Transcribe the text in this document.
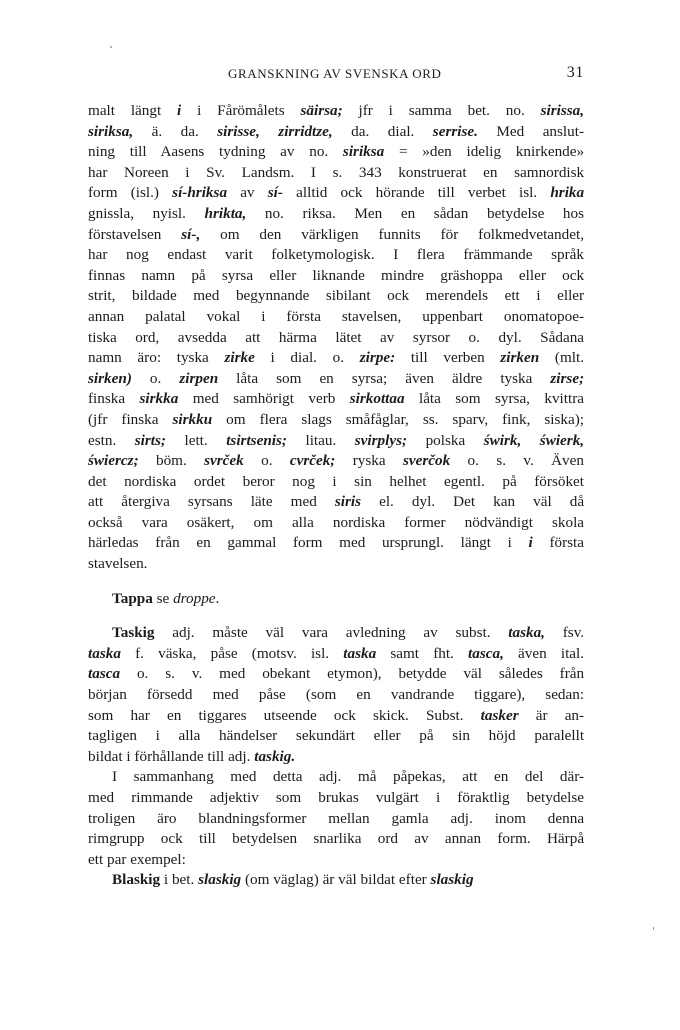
GRANSKNING AV SVENSKA ORD	31
malt längt i i Fårömålets säirsa; jfr i samma bet. no. sirissa,
siriksa, ä. da. sirisse, zirridtze, da. dial. serrise. Med anslut-
ning till Aasens tydning av no. siriksa = »den idelig knirkende»
har Noreen i Sv. Landsm. I s. 343 konstruerat en samnordisk
form (isl.) sí-hriksa av sí- alltid ock hörande till verbet isl. hrika
gnissla, nyisl. hrikta, no. riksa. Men en sådan betydelse hos
förstavelsen sí-, om den värkligen funnits för folkmedvetandet,
har nog endast varit folketymologisk. I flera främmande språk
finnas namn på syrsa eller liknande mindre gräshoppa eller ock
strit, bildade med begynnande sibilant ock merendels ett i eller
annan palatal vokal i första stavelsen, uppenbart onomatopoe-
tiska ord, avsedda att härma lätet av syrsor o. dyl. Sådana
namn äro: tyska zirke i dial. o. zirpe: till verben zirken (mlt.
sirken) o. zirpen låta som en syrsa; även äldre tyska zirse;
finska sirkka med samhörigt verb sirkottaa låta som syrsa, kvittra
(jfr finska sirkku om flera slags småfåglar, ss. sparv, fink, siska);
estn. sirts; lett. tsirtsenis; litau. svirplys; polska świrk, świerk,
świercz; böm. svrček o. cvrček; ryska sverčok o. s. v. Även
det nordiska ordet beror nog i sin helhet egentl. på försöket
att återgiva syrsans läte med siris el. dyl. Det kan väl då
också vara osäkert, om alla nordiska former nödvändigt skola
härledas från en gammal form med ursprungl. längt i i första
stavelsen.
Tappa se droppe.
Taskig adj. måste väl vara avledning av subst. taska, fsv.
taska f. väska, påse (motsv. isl. taska samt fht. tasca, även ital.
tasca o. s. v. med obekant etymon), betydde väl således från
början försedd med påse (som en vandrande tiggare), sedan:
som har en tiggares utseende ock skick. Subst. tasker är an-
tagligen i alla händelser sekundärt eller på sin höjd paralellt
bildat i förhållande till adj. taskig.
I sammanhang med detta adj. må påpekas, att en del där-
med rimmande adjektiv som brukas vulgärt i föraktlig betydelse
troligen äro blandningsformer mellan gamla adj. inom denna
rimgrupp ock till betydelsen snarlika ord av annan form. Härpå
ett par exempel:
Blaskig i bet. slaskig (om väglag) är väl bildat efter slaskig
